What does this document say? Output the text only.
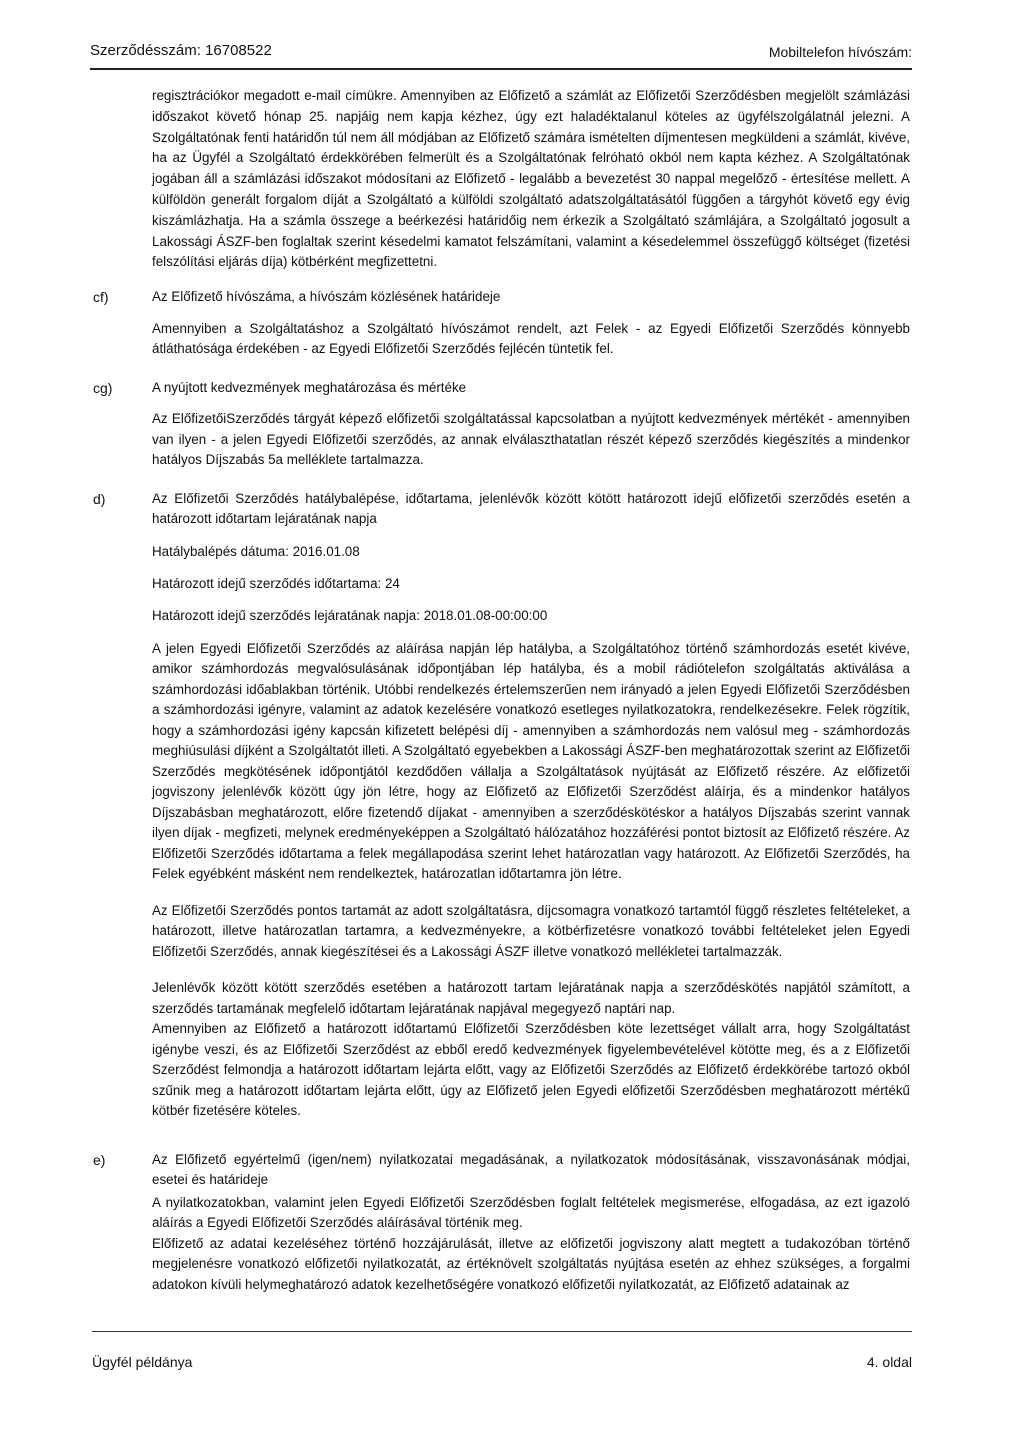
Szerződésszám: 16708522	Mobiltelefon hívószám:

regisztrációkor megadott e-mail címükre. Amennyiben az Előfizető a számlát az Előfizetői Szerződésben megjelölt számlázási időszakot követő hónap 25. napjáig nem kapja kézhez, úgy ezt haladéktalanul köteles az ügyfélszolgálatnál jelezni. A Szolgáltatónak fenti határidőn túl nem áll módjában az Előfizető számára ismételten díjmentesen megküldeni a számlát, kivéve, ha az Ügyfél a Szolgáltató érdekkörében felmerült és a Szolgáltatónak felróható okból nem kapta kézhez. A Szolgáltatónak jogában áll a számlázási időszakot módosítani az Előfizető - legalább a bevezetést 30 nappal megelőző - értesítése mellett. A külföldön generált forgalom díját a Szolgáltató a külföldi szolgáltató adatszolgáltatásától függően a tárgyhót követő egy évig kiszámlázhatja. Ha a számla összege a beérkezési határidőig nem érkezik a Szolgáltató számlájára, a Szolgáltató jogosult a Lakossági ÁSZF-ben foglaltak szerint késedelmi kamatot felszámítani, valamint a késedelemmel összefüggő költséget (fizetési felszólítási eljárás díja) kötbérként megfizettetni.

cf)	Az Előfizető hívószáma, a hívószám közlésének határideje

Amennyiben a Szolgáltatáshoz a Szolgáltató hívószámot rendelt, azt Felek - az Egyedi Előfizetői Szerződés könnyebb átláthatósága érdekében - az Egyedi Előfizetői Szerződés fejlécén tüntetik fel.

cg)	A nyújtott kedvezmények meghatározása és mértéke

Az ElőfizetőiSzerződés tárgyát képező előfizetői szolgáltatással kapcsolatban a nyújtott kedvezmények mértékét - amennyiben van ilyen - a jelen Egyedi Előfizetői szerződés, az annak elválaszthatatlan részét képező szerződés kiegészítés a mindenkor hatályos Díjszabás 5a melléklete tartalmazza.

d)	Az Előfizetői Szerződés hatálybalépése, időtartama, jelenlévők között kötött határozott idejű előfizetői szerződés esetén a határozott időtartam lejáratának napja

Hatálybalépés dátuma: 2016.01.08

Határozott idejű szerződés időtartama: 24

Határozott idejű szerződés lejáratának napja: 2018.01.08-00:00:00

A jelen Egyedi Előfizetői Szerződés az aláírása napján lép hatályba, a Szolgáltatóhoz történő számhordozás esetét kivéve, amikor számhordozás megvalósulásának időpontjában lép hatályba, és a mobil rádiótelefon szolgáltatás aktiválása a számhordozási időablakban történik. Utóbbi rendelkezés értelemszerűen nem irányadó a jelen Egyedi Előfizetői Szerződésben a számhordozási igényre, valamint az adatok kezelésére vonatkozó esetleges nyilatkozatokra, rendelkezésekre. Felek rögzítik, hogy a számhordozási igény kapcsán kifizetett belépési díj - amennyiben a számhordozás nem valósul meg - számhordozás meghiúsulási díjként a Szolgáltatót illeti. A Szolgáltató egyebekben a Lakossági ÁSZF-ben meghatározottak szerint az Előfizetői Szerződés megkötésének időpontjától kezdődően vállalja a Szolgáltatások nyújtását az Előfizető részére. Az előfizetői jogviszony jelenlévők között úgy jön létre, hogy az Előfizető az Előfizetői Szerződést aláírja, és a mindenkor hatályos Díjszabásban meghatározott, előre fizetendő díjakat - amennyiben a szerződéskötéskor a hatályos Díjszabás szerint vannak ilyen díjak - megfizeti, melynek eredményeképpen a Szolgáltató hálózatához hozzáférési pontot biztosít az Előfizető részére. Az Előfizetői Szerződés időtartama a felek megállapodása szerint lehet határozatlan vagy határozott. Az Előfizetői Szerződés, ha Felek egyébként másként nem rendelkeztek, határozatlan időtartamra jön létre.

Az Előfizetői Szerződés pontos tartamát az adott szolgáltatásra, díjcsomagra vonatkozó tartamtól függő részletes feltételeket, a határozott, illetve határozatlan tartamra, a kedvezményekre, a kötbérfizetésre vonatkozó további feltételeket jelen Egyedi Előfizetői Szerződés, annak kiegészítései és a Lakossági ÁSZF illetve vonatkozó mellékletei tartalmazzák.

Jelenlévők között kötött szerződés esetében a határozott tartam lejáratának napja a szerződéskötés napjától számított, a szerződés tartamának megfelelő időtartam lejáratának napjával megegyező naptári nap.

Amennyiben az Előfizető a határozott időtartamú Előfizetői Szerződésben köte lezettséget vállalt arra, hogy Szolgáltatást igénybe veszi, és az Előfizetői Szerződést az ebből eredő kedvezmények figyelembevételével kötötte meg, és a z Előfizetői Szerződést felmondja a határozott időtartam lejárta előtt, vagy az Előfizetői Szerződés az Előfizető érdekkörébe tartozó okból szűnik meg a határozott időtartam lejárta előtt, úgy az Előfizető jelen Egyedi előfizetői Szerződésben meghatározott mértékű kötbér fizetésére köteles.

e)	Az Előfizető egyértelmű (igen/nem) nyilatkozatai megadásának, a nyilatkozatok módosításának, visszavonásának módjai, esetei és határideje

A nyilatkozatokban, valamint jelen Egyedi Előfizetői Szerződésben foglalt feltételek megismerése, elfogadása, az ezt igazoló aláírás a Egyedi Előfizetői Szerződés aláírásával történik meg.

Előfizető az adatai kezeléséhez történő hozzájárulását, illetve az előfizetői jogviszony alatt megtett a tudakozóban történő megjelenésre vonatkozó előfizetői nyilatkozatát, az értéknövelt szolgáltatás nyújtása esetén az ehhez szükséges, a forgalmi adatokon kívüli helymeghatározó adatok kezelhetőségére vonatkozó előfizetői nyilatkozatát, az Előfizető adatainak az

Ügyfél példánya	4. oldal
